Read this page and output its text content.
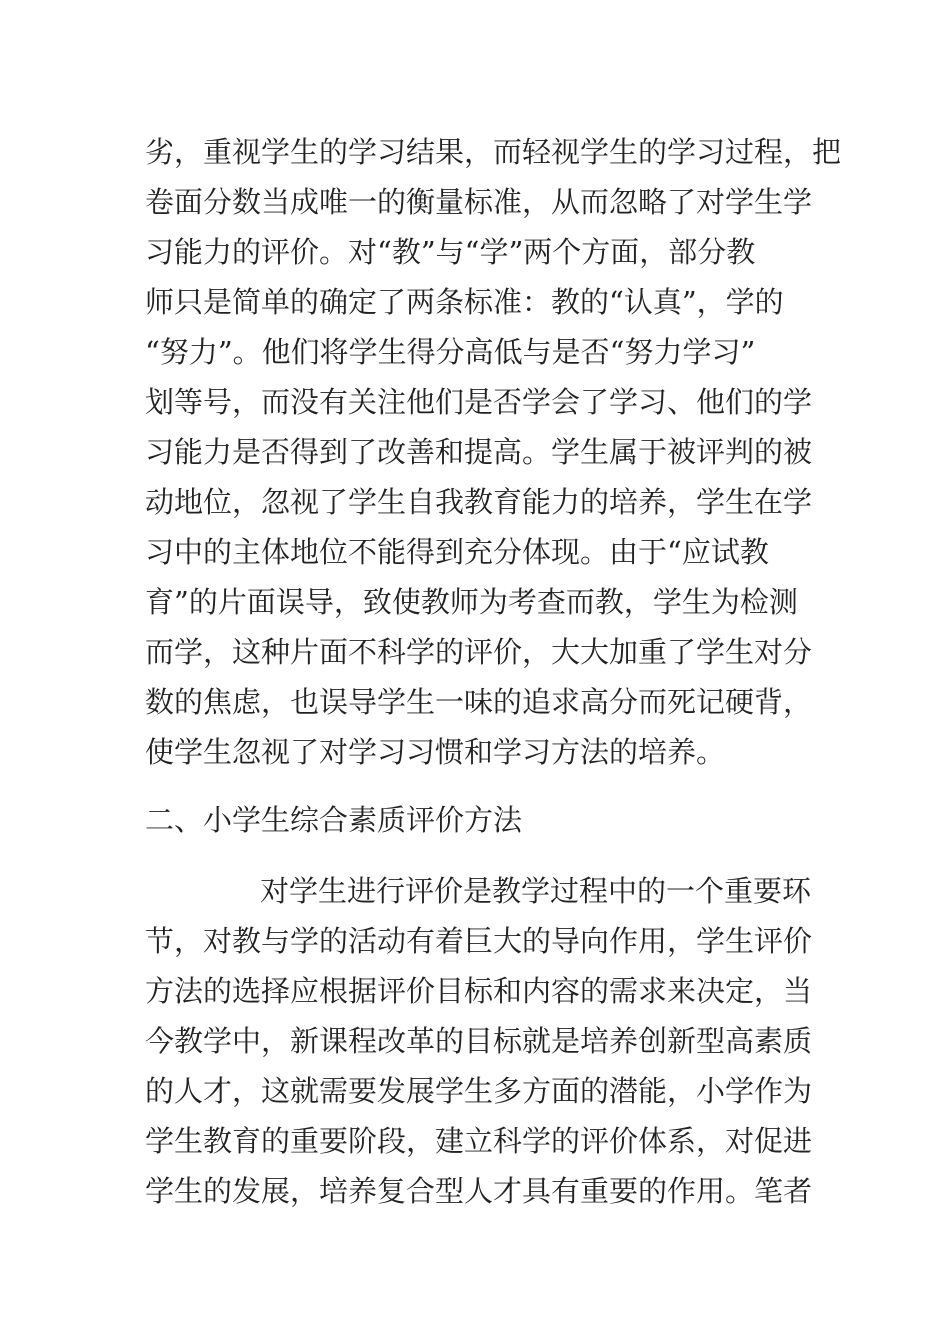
劣，重视学生的学习结果，而轻视学生的学习过程，把
卷面分数当成唯一的衡量标准，从而忽略了对学生学
习能力的评价。对“教”与“学”两个方面，部分教
师只是简单的确定了两条标准：教的“认真”，学的
“努力”。他们将学生得分高低与是否“努力学习”
划等号，而没有关注他们是否学会了学习、他们的学
习能力是否得到了改善和提高。学生属于被评判的被
动地位，忽视了学生自我教育能力的培养，学生在学
习中的主体地位不能得到充分体现。由于“应试教
育”的片面误导，致使教师为考查而教，学生为检测
而学，这种片面不科学的评价，大大加重了学生对分
数的焦虑，也误导学生一味的追求高分而死记硬背，
使学生忽视了对学习习惯和学习方法的培养。
二、小学生综合素质评价方法
对学生进行评价是教学过程中的一个重要环
节，对教与学的活动有着巨大的导向作用，学生评价
方法的选择应根据评价目标和内容的需求来决定，当
今教学中，新课程改革的目标就是培养创新型高素质
的人才，这就需要发展学生多方面的潜能，小学作为
学生教育的重要阶段，建立科学的评价体系，对促进
学生的发展，培养复合型人才具有重要的作用。笔者
